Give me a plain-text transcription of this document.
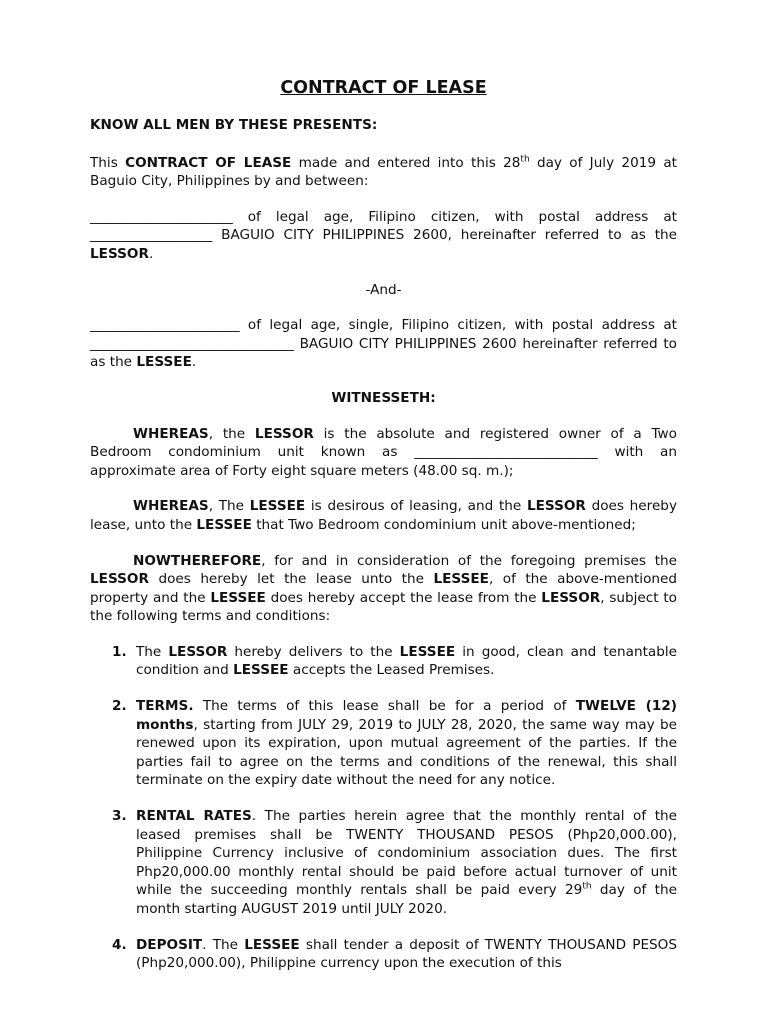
CONTRACT OF LEASE

KNOW ALL MEN BY THESE PRESENTS:

This CONTRACT OF LEASE made and entered into this 28th day of July 2019 at Baguio City, Philippines by and between:

_____________________ of legal age, Filipino citizen, with postal address at __________________ BAGUIO CITY PHILIPPINES 2600, hereinafter referred to as the LESSOR.

-And-

______________________ of legal age, single, Filipino citizen, with postal address at ______________________________ BAGUIO CITY PHILIPPINES 2600 hereinafter referred to as the LESSEE.

WITNESSETH:

WHEREAS, the LESSOR is the absolute and registered owner of a Two Bedroom condominium unit known as ___________________________ with an approximate area of Forty eight square meters (48.00 sq. m.);

WHEREAS, The LESSEE is desirous of leasing, and the LESSOR does hereby lease, unto the LESSEE that Two Bedroom condominium unit above-mentioned;

NOWTHEREFORE, for and in consideration of the foregoing premises the LESSOR does hereby let the lease unto the LESSEE, of the above-mentioned property and the LESSEE does hereby accept the lease from the LESSOR, subject to the following terms and conditions:

1. The LESSOR hereby delivers to the LESSEE in good, clean and tenantable condition and LESSEE accepts the Leased Premises.
2. TERMS. The terms of this lease shall be for a period of TWELVE (12) months, starting from JULY 29, 2019 to JULY 28, 2020, the same way may be renewed upon its expiration, upon mutual agreement of the parties. If the parties fail to agree on the terms and conditions of the renewal, this shall terminate on the expiry date without the need for any notice.
3. RENTAL RATES. The parties herein agree that the monthly rental of the leased premises shall be TWENTY THOUSAND PESOS (Php20,000.00), Philippine Currency inclusive of condominium association dues. The first Php20,000.00 monthly rental should be paid before actual turnover of unit while the succeeding monthly rentals shall be paid every 29th day of the month starting AUGUST 2019 until JULY 2020.
4. DEPOSIT. The LESSEE shall tender a deposit of TWENTY THOUSAND PESOS (Php20,000.00), Philippine currency upon the execution of this
